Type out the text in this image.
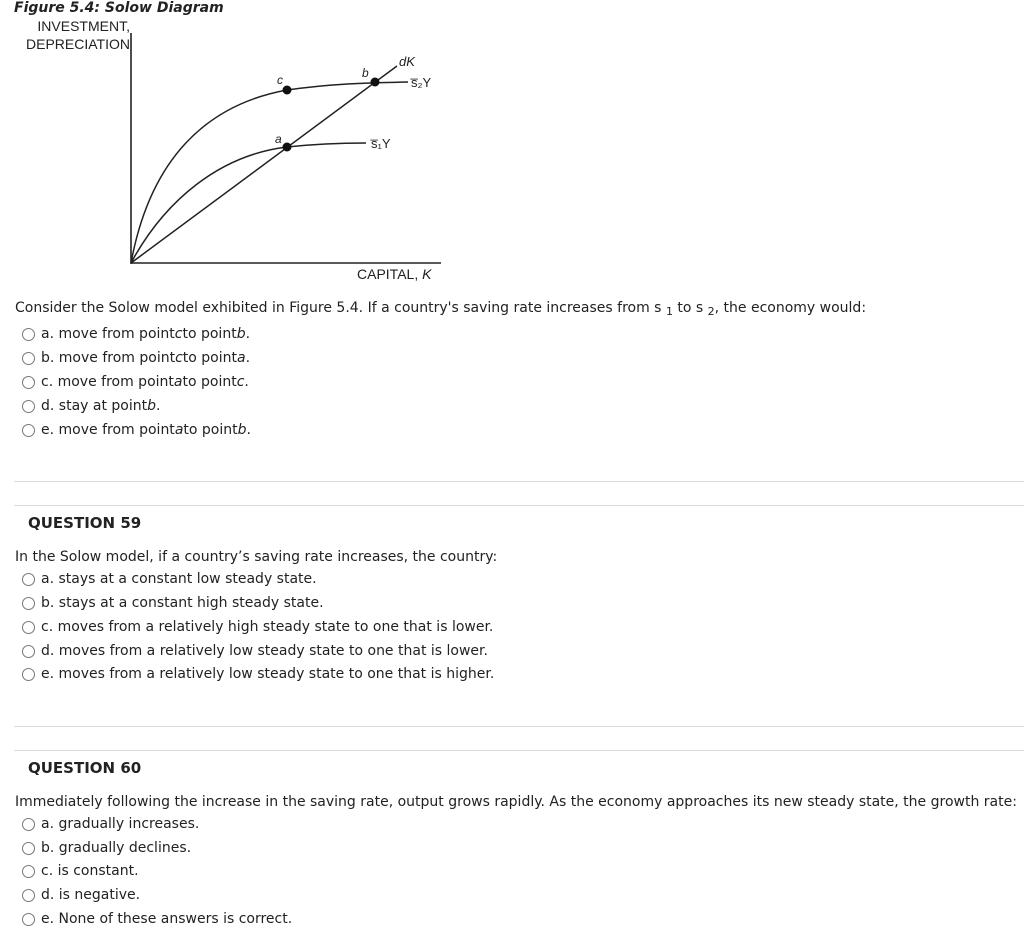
Figure 5.4: Solow Diagram
INVESTMENT,
DEPRECIATION
a
b
c
dK
s̅₂Y
s̅₁Y
CAPITAL, K
Consider the Solow model exhibited in Figure 5.4. If a country's saving rate increases from s $_1$ to s $_2$, the economy would:
a. move from point c to point b .
b. move from point c to point a .
c. move from point a to point c .
d. stay at point b .
e. move from point a to point b .
QUESTION 59
In the Solow model, if a country’s saving rate increases, the country:
a. stays at a constant low steady state.
b. stays at a constant high steady state.
c. moves from a relatively high steady state to one that is lower.
d. moves from a relatively low steady state to one that is lower.
e. moves from a relatively low steady state to one that is higher.
QUESTION 60
Immediately following the increase in the saving rate, output grows rapidly. As the economy approaches its new steady state, the growth rate:
a. gradually increases.
b. gradually declines.
c. is constant.
d. is negative.
e. None of these answers is correct.
